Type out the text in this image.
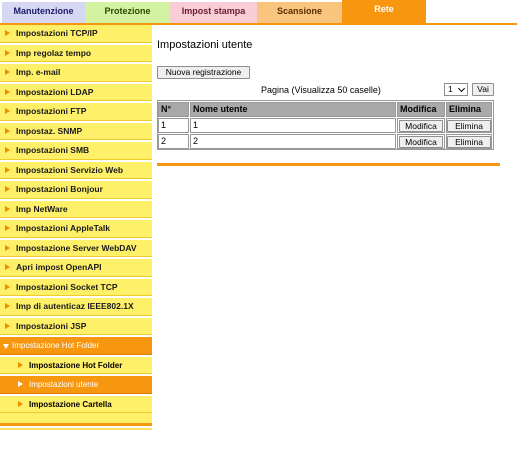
Manutenzione	Protezione	Impost stampa	Scansione	Rete
Impostazioni TCP/IP
Imp regolaz tempo
Imp. e-mail
Impostazioni LDAP
Impostazioni FTP
Impostaz. SNMP
Impostazioni SMB
Impostazioni Servizio Web
Impostazioni Bonjour
Imp NetWare
Impostazioni AppleTalk
Impostazione Server WebDAV
Apri impost OpenAPI
Impostazioni Socket TCP
Imp di autenticaz IEEE802.1X
Impostazioni JSP
Impostazione Hot Folder
Impostazione Hot Folder
Impostazioni utente
Impostazione Cartella
Impostazioni utente
Nuova registrazione
Pagina (Visualizza 50 caselle)	1	Vai
N°	Nome utente	Modifica	Elimina
1	1	Modifica	Elimina
2	2	Modifica	Elimina
